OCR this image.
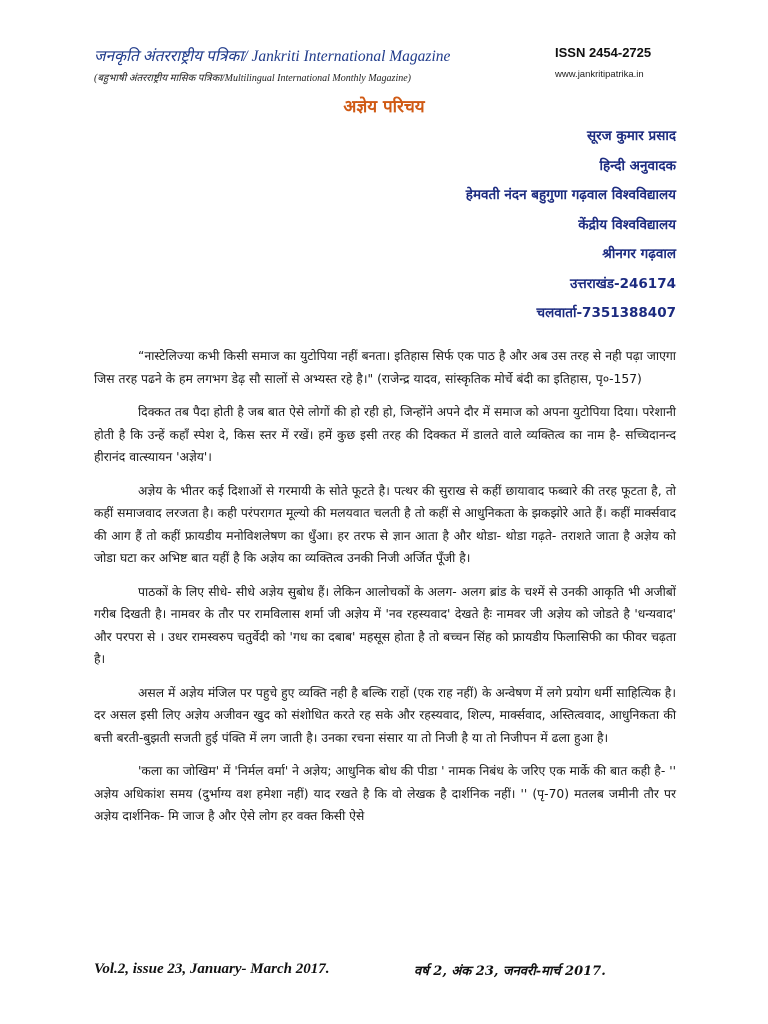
जनकृति अंतरराष्ट्रीय पत्रिका/ Jankriti International Magazine	ISSN 2454-2725
(बहुभाषी अंतरराष्ट्रीय मासिक पत्रिका/Multilingual International Monthly Magazine)	www.jankritipatrika.in
अज्ञेय परिचय
सूरज कुमार प्रसाद
हिन्दी अनुवादक
हेमवती नंदन बहुगुणा गढ़वाल विश्वविद्यालय
केंद्रीय विश्वविद्यालय
श्रीनगर गढ़वाल
उत्तराखंड-246174
चलवार्ता-7351388407

“नास्टेलिज्या कभी किसी समाज का युटोपिया नहीं बनता। इतिहास सिर्फ एक पाठ है और अब उस तरह से नही पढ़ा जाएगा जिस तरह पढने के हम लगभग डेढ़ सौ सालों से अभ्यस्त रहे है।" (राजेन्द्र यादव, सांस्कृतिक मोर्चे बंदी का इतिहास, पृ०-157)

दिक्कत तब पैदा होती है जब बात ऐसे लोगों की हो रही हो, जिन्होंने अपने दौर में समाज को अपना युटोपिया दिया। परेशानी होती है कि उन्हें कहाँ स्पेश दे, किस स्तर में रखें। हमें कुछ इसी तरह की दिक्कत में डालते वाले व्यक्तित्व का नाम है- सच्चिदानन्द हीरानंद वात्स्यायन 'अज्ञेय'।

अज्ञेय के भीतर कई दिशाओं से गरमायी के सोते फूटते है। पत्थर की सुराख से कहीं छायावाद फब्वारे की तरह फूटता है, तो कहीं समाजवाद लरजता है। कही परंपरागत मूल्यो की मलयवात चलती है तो कहीं से आधुनिकता के झकझोरे आते हैं। कहीं मार्क्सवाद की आग हैं तो कहीं फ्रायडीय मनोविशलेषण का धुँआ। हर तरफ से ज्ञान आता है और थोडा- थोडा गढ़ते- तराशते जाता है अज्ञेय को जोडा घटा कर अभिष्ट बात यहीं है कि अज्ञेय का व्यक्तित्व उनकी निजी अर्जित पूँजी है।

पाठकों के लिए सीधे- सीधे अज्ञेय सुबोध हैं। लेकिन आलोचकों के अलग- अलग ब्रांड के चश्में से उनकी आकृति भी अजीबों गरीब दिखती है। नामवर के तौर पर रामविलास शर्मा जी अज्ञेय में 'नव रहस्यवाद' देखते हैः नामवर जी अज्ञेय को जोडते है 'धन्यवाद' और परपरा से । उधर रामस्वरुप चतुर्वेदी को 'गध का दबाब' महसूस होता है तो बच्चन सिंह को फ्रायडीय फिलासिफी का फीवर चढ़ता है।

असल में अज्ञेय मंजिल पर पहुचे हुए व्यक्ति नही है बल्कि राहों (एक राह नहीं) के अन्वेषण में लगे प्रयोग धर्मी साहित्यिक है। दर असल इसी लिए अज्ञेय अजीवन खुद को संशोधित करते रह सके और रहस्यवाद, शिल्प, मार्क्सवाद, अस्तित्ववाद, आधुनिकता की बत्ती बरती-बुझती सजती हुई पंक्ति में लग जाती है। उनका रचना संसार या तो निजी है या तो निजीपन में ढला हुआ है।

'कला का जोखिम' में 'निर्मल वर्मा' ने अज्ञेय; आधुनिक बोध की पीडा ' नामक निबंध के जरिए एक मार्के की बात कही है- '' अज्ञेय अधिकांश समय (दुर्भाग्य वश हमेशा नहीं) याद रखते है कि वो लेखक है दार्शनिक नहीं। '' (पृ-70) मतलब जमीनी तौर पर अज्ञेय दार्शनिक- मि जाज है और ऐसे लोग हर वक्त किसी ऐसे

Vol.2, issue 23, January- March 2017.	वर्ष 2, अंक 23, जनवरी-मार्च 2017.
